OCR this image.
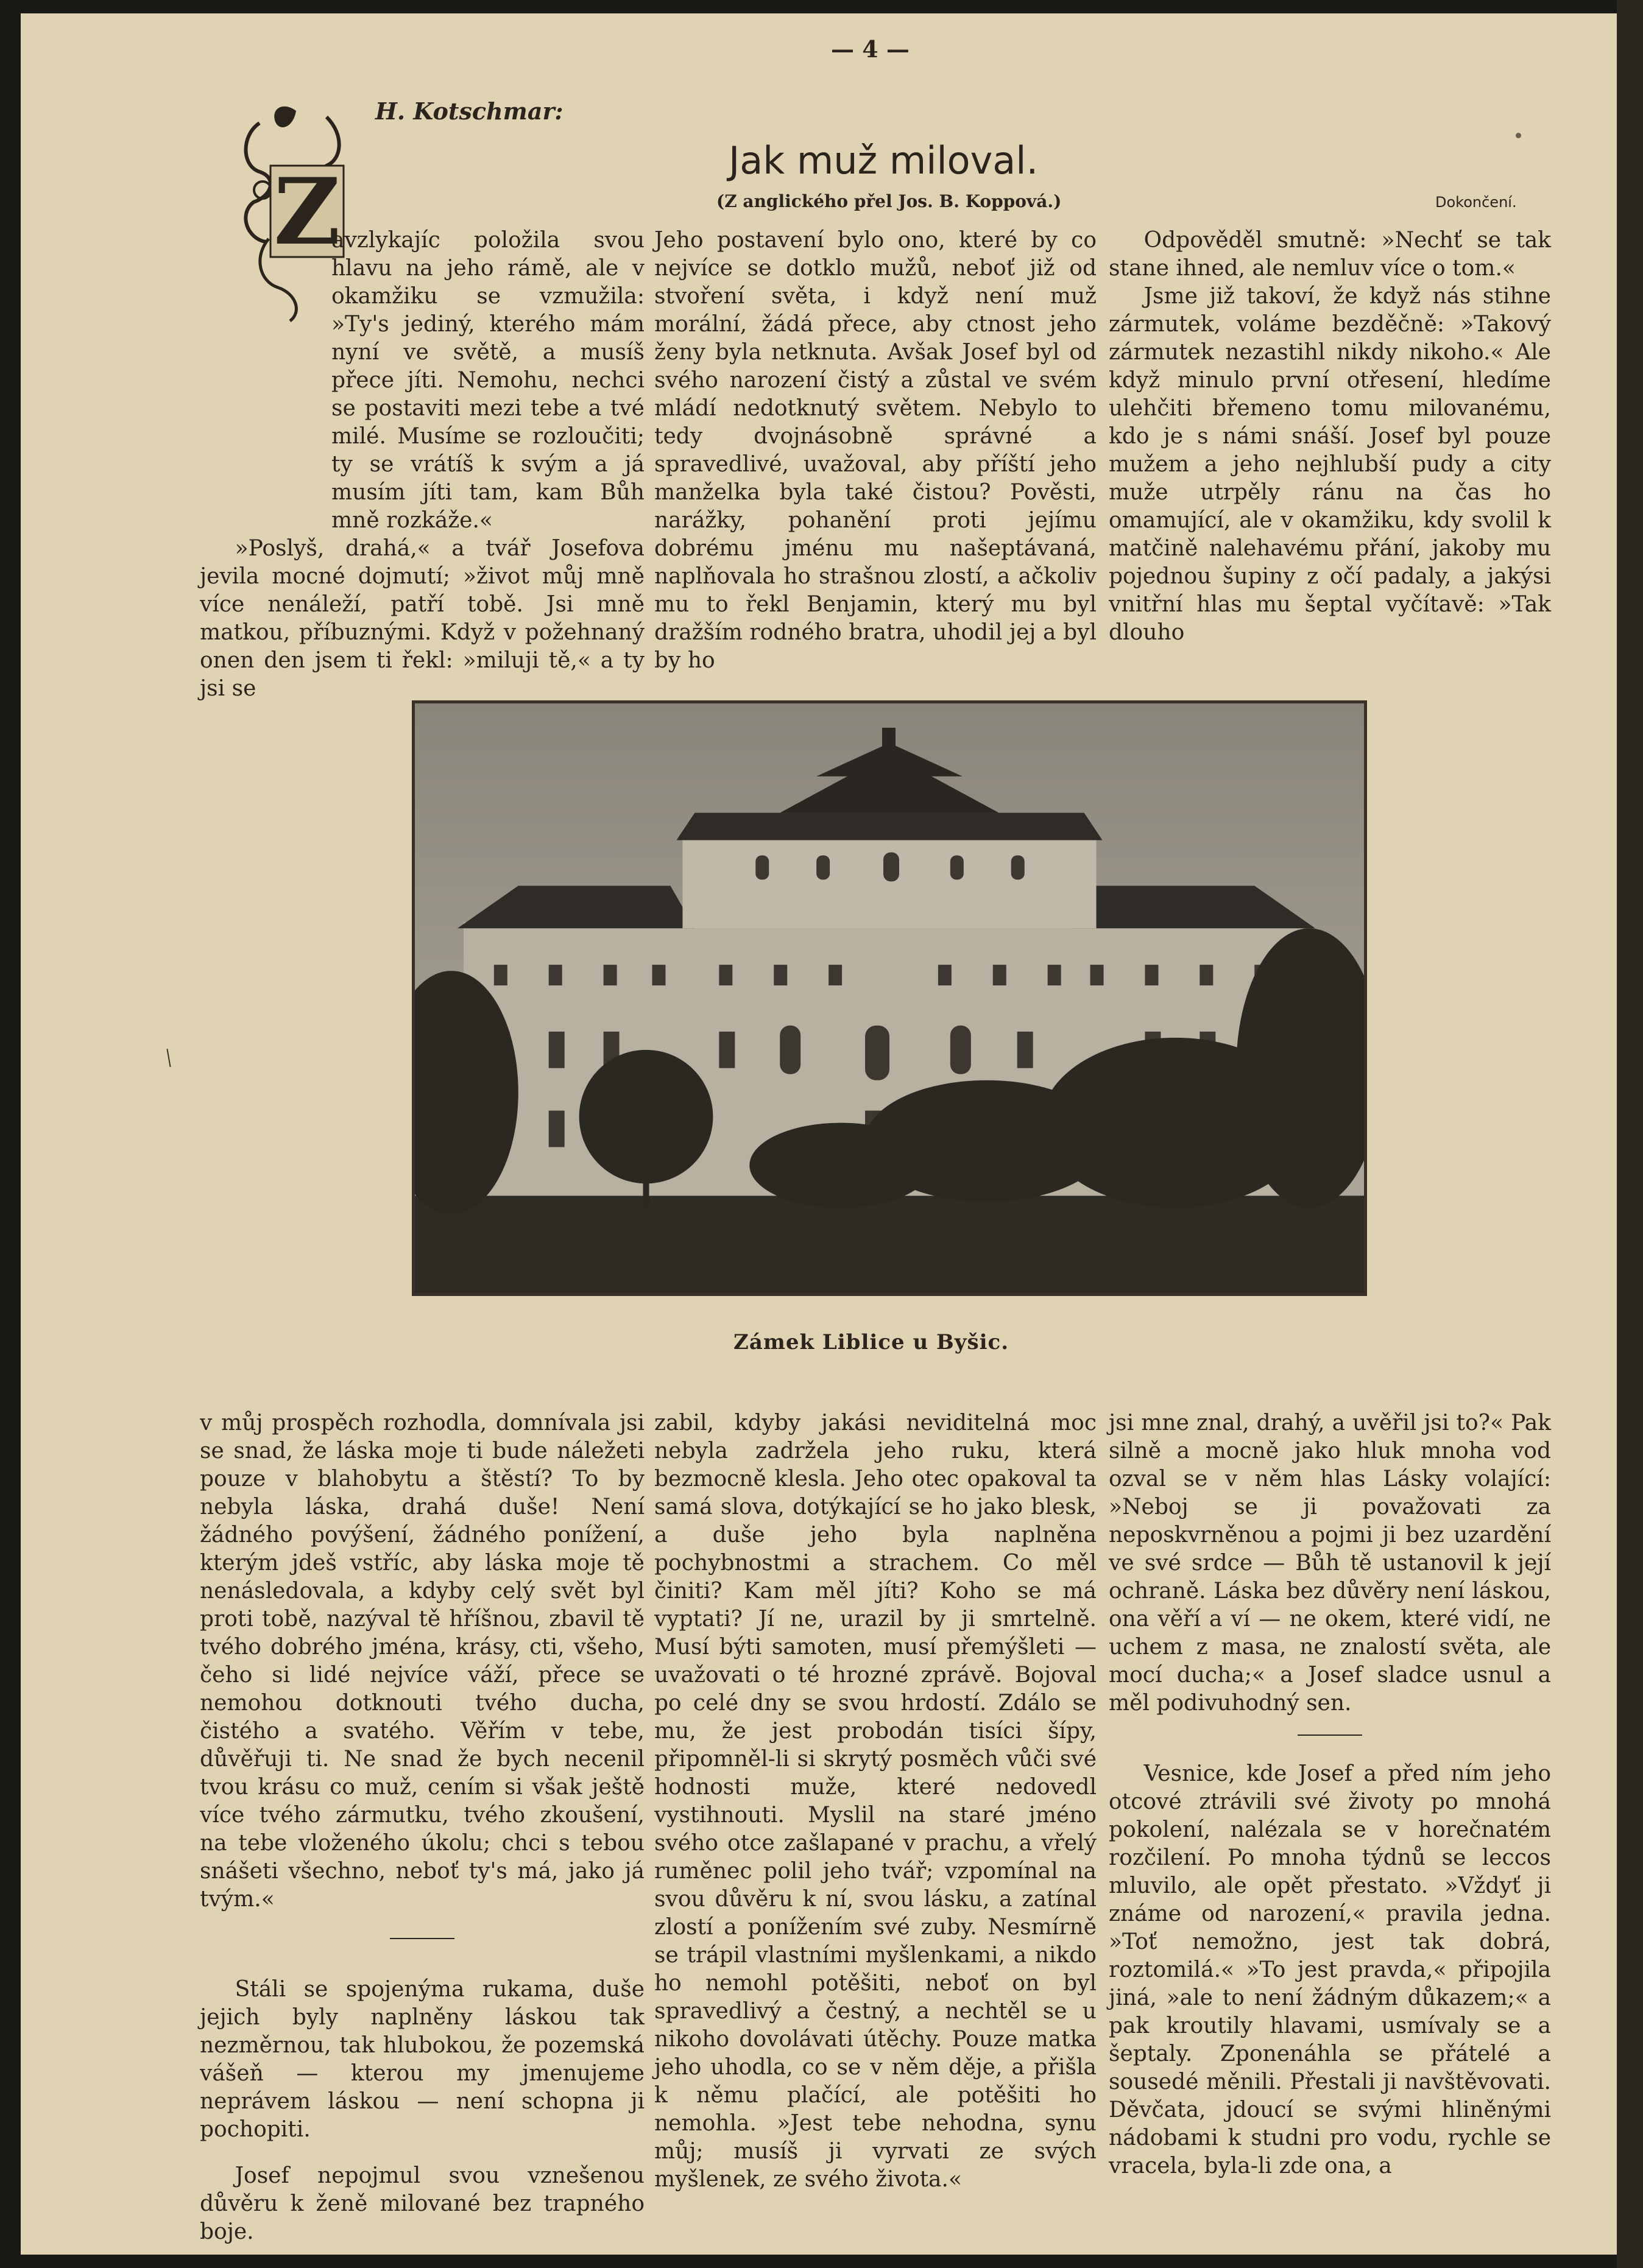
— 4 —
H. Kotschmar:
Jak muž miloval.
(Z anglického přel Jos. B. Koppová.)	Dokončení.
Z

avzlykajíc položila svou hlavu na jeho rámě, ale v okamžiku se vzmužila: »Ty's jediný, kterého mám nyní ve světě, a musíš přece jíti. Nemohu, nechci se postaviti mezi tebe a tvé milé. Musíme se rozloučiti; ty se vrátíš k svým a já musím jíti tam, kam Bůh mně rozkáže.«

»Poslyš, drahá,« a tvář Josefova jevila mocné dojmutí; »život můj mně více nenáleží, patří tobě. Jsi mně matkou, příbuznými. Když v požehnaný onen den jsem ti řekl: »miluji tě,« a ty jsi se

Jeho postavení bylo ono, které by co nejvíce se dotklo mužů, neboť již od stvoření světa, i když není muž morální, žádá přece, aby ctnost jeho ženy byla netknuta. Avšak Josef byl od svého narození čistý a zůstal ve svém mládí nedotknutý světem. Nebylo to tedy dvojnásobně správné a spravedlivé, uvažoval, aby příští jeho manželka byla také čistou? Pověsti, narážky, pohanění proti jejímu dobrému jménu mu našeptávaná, naplňovala ho strašnou zlostí, a ačkoliv mu to řekl Benjamin, který mu byl dražším rodného bratra, uhodil jej a byl by ho

Odpověděl smutně: »Nechť se tak stane ihned, ale nemluv více o tom.«

Jsme již takoví, že když nás stihne zármutek, voláme bezděčně: »Takový zármutek nezastihl nikdy nikoho.« Ale když minulo první otřesení, hledíme ulehčiti břemeno tomu milovanému, kdo je s námi snáší. Josef byl pouze mužem a jeho nejhlubší pudy a city muže utrpěly ránu na čas ho omamující, ale v okamžiku, kdy svolil k matčině nalehavému přání, jakoby mu pojednou šupiny z očí padaly, a jakýsi vnitřní hlas mu šeptal vyčítavě: »Tak dlouho

Zámek Liblice u Byšic.

v můj prospěch rozhodla, domnívala jsi se snad, že láska moje ti bude náležeti pouze v blahobytu a štěstí? To by nebyla láska, drahá duše! Není žádného povýšení, žádného ponížení, kterým jdeš vstříc, aby láska moje tě nenásledovala, a kdyby celý svět byl proti tobě, nazýval tě hříšnou, zbavil tě tvého dobrého jména, krásy, cti, všeho, čeho si lidé nejvíce váží, přece se nemohou dotknouti tvého ducha, čistého a svatého. Věřím v tebe, důvěřuji ti. Ne snad že bych necenil tvou krásu co muž, cením si však ještě více tvého zármutku, tvého zkoušení, na tebe vloženého úkolu; chci s tebou snášeti všechno, neboť ty's má, jako já tvým.«

Stáli se spojenýma rukama, duše jejich byly naplněny láskou tak nezměrnou, tak hlubokou, že pozemská vášeň — kterou my jmenujeme neprávem láskou — není schopna ji pochopiti.

Josef nepojmul svou vznešenou důvěru k ženě milované bez trapného boje.

zabil, kdyby jakási neviditelná moc nebyla zadržela jeho ruku, která bezmocně klesla. Jeho otec opakoval ta samá slova, dotýkající se ho jako blesk, a duše jeho byla naplněna pochybnostmi a strachem. Co měl činiti? Kam měl jíti? Koho se má vyptati? Jí ne, urazil by ji smrtelně. Musí býti samoten, musí přemýšleti — uvažovati o té hrozné zprávě. Bojoval po celé dny se svou hrdostí. Zdálo se mu, že jest probodán tisíci šípy, připomněl-li si skrytý posměch vůči své hodnosti muže, které nedovedl vystihnouti. Myslil na staré jméno svého otce zašlapané v prachu, a vřelý ruměnec polil jeho tvář; vzpomínal na svou důvěru k ní, svou lásku, a zatínal zlostí a ponížením své zuby. Nesmírně se trápil vlastními myšlenkami, a nikdo ho nemohl potěšiti, neboť on byl spravedlivý a čestný, a nechtěl se u nikoho dovolávati útěchy. Pouze matka jeho uhodla, co se v něm děje, a přišla k němu plačící, ale potěšiti ho nemohla. »Jest tebe nehodna, synu můj; musíš ji vyrvati ze svých myšlenek, ze svého života.«

jsi mne znal, drahý, a uvěřil jsi to?« Pak silně a mocně jako hluk mnoha vod ozval se v něm hlas Lásky volající: »Neboj se ji považovati za neposkvrněnou a pojmi ji bez uzardění ve své srdce — Bůh tě ustanovil k její ochraně. Láska bez důvěry není láskou, ona věří a ví — ne okem, které vidí, ne uchem z masa, ne znalostí světa, ale mocí ducha;« a Josef sladce usnul a měl podivuhodný sen.

Vesnice, kde Josef a před ním jeho otcové ztrávili své životy po mnohá pokolení, nalézala se v horečnatém rozčilení. Po mnoha týdnů se leccos mluvilo, ale opět přestato. »Vždyť ji známe od narození,« pravila jedna. »Toť nemožno, jest tak dobrá, roztomilá.« »To jest pravda,« připojila jiná, »ale to není žádným důkazem;« a pak kroutily hlavami, usmívaly se a šeptaly. Zponenáhla se přátelé a sousedé měnili. Přestali ji navštěvovati. Děvčata, jdoucí se svými hliněnými nádobami k studni pro vodu, rychle se vracela, byla-li zde ona, a
